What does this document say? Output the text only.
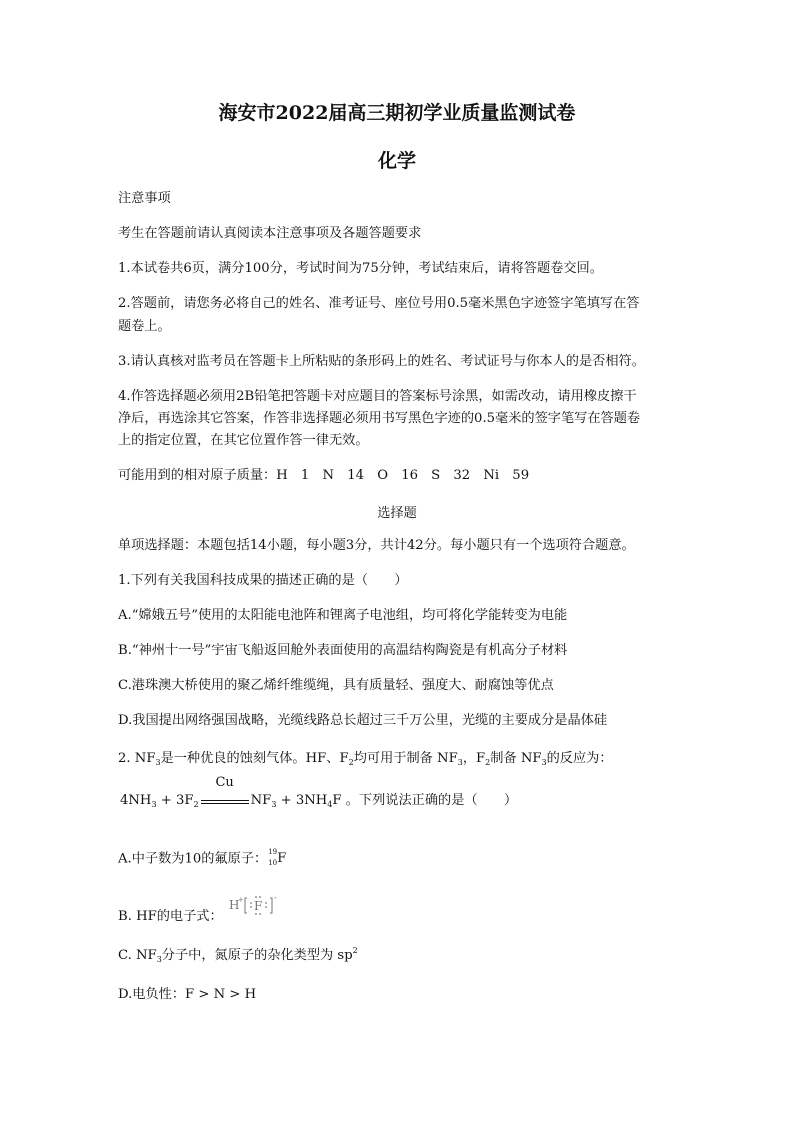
海安市2022届高三期初学业质量监测试卷
化学
注意事项
考生在答题前请认真阅读本注意事项及各题答题要求
1.本试卷共6页，满分100分，考试时间为75分钟，考试结束后，请将答题卷交回。
2.答题前，请您务必将自己的姓名、准考证号、座位号用0.5毫米黑色字迹签字笔填写在答
题卷上。
3.请认真核对监考员在答题卡上所粘贴的条形码上的姓名、考试证号与你本人的是否相符。
4.作答选择题必须用2B铅笔把答题卡对应题目的答案标号涂黑，如需改动，请用橡皮擦干
净后，再选涂其它答案，作答非选择题必须用书写黑色字迹的0.5毫米的签字笔写在答题卷
上的指定位置，在其它位置作答一律无效。
可能用到的相对原子质量：H　1　N　14　O　16　S　32　Ni　59
选择题
单项选择题：本题包括14小题，每小题3分，共计42分。每小题只有一个选项符合题意。
1.下列有关我国科技成果的描述正确的是（　　）
A.“嫦娥五号”使用的太阳能电池阵和锂离子电池组，均可将化学能转变为电能
B.“神州十一号”宇宙飞船返回舱外表面使用的高温结构陶瓷是有机高分子材料
C.港珠澳大桥使用的聚乙烯纤维缆绳，具有质量轻、强度大、耐腐蚀等优点
D.我国提出网络强国战略，光缆线路总长超过三千万公里，光缆的主要成分是晶体硅
2. $NF_3$是一种优良的蚀刻气体。HF、$F_2$均可用于制备 $NF_3$，$F_2$制备 $NF_3$的反应为：
$4NH_3 + 3F_2$
Cu
$NF_3 + 3NH_4F$ 。下列说法正确的是（　　）
A.中子数为10的氟原子： 19
10 F
B. HF的电子式：
H
+ F
-
C. $NF_3$分子中，氮原子的杂化类型为 $sp^2$
D.电负性：F > N > H
